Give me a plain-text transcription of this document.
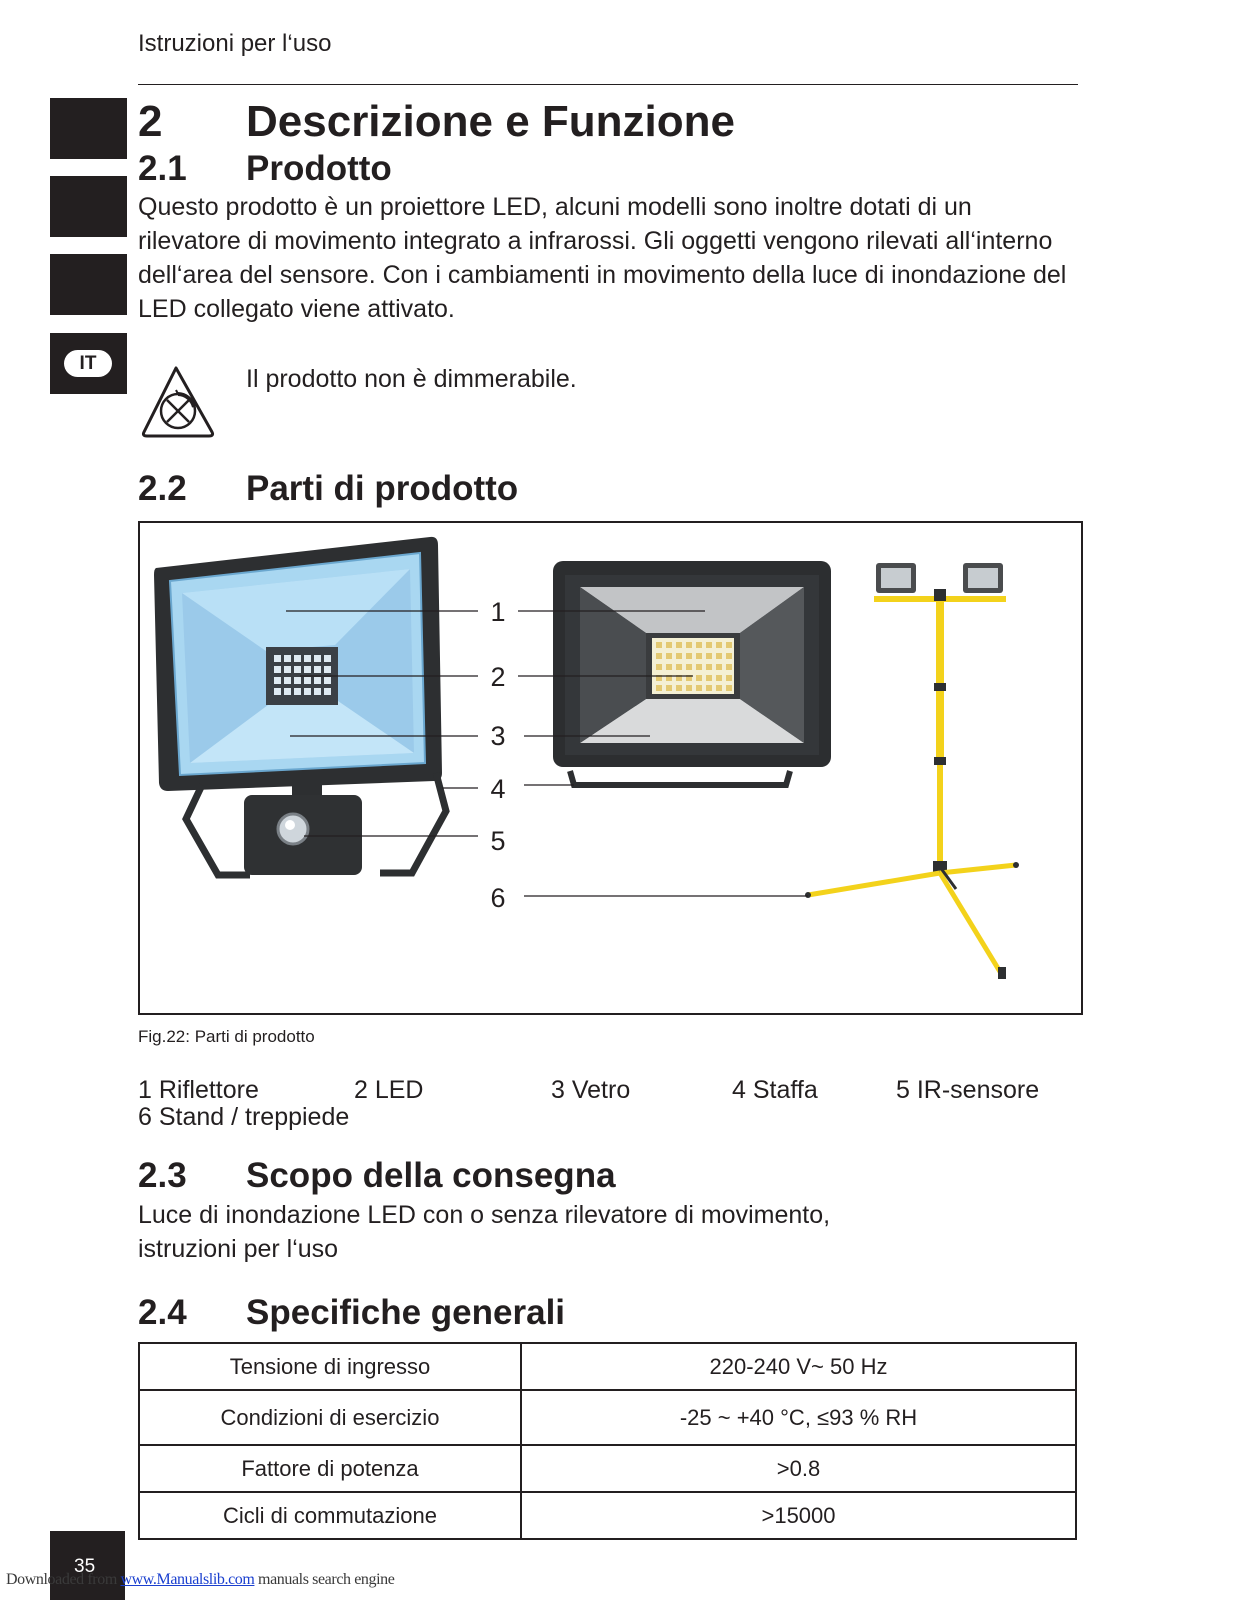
Istruzioni per l‘uso
IT
2 Descrizione e Funzione
2.1 Prodotto
Questo prodotto è un proiettore LED, alcuni modelli sono inoltre dotati di un rilevatore di movimento integrato a infrarossi. Gli oggetti vengono rilevati all‘interno dell‘area del sensore. Con i cambiamenti in movimento della luce di inondazione del LED collegato viene attivato.
Il prodotto non è dimmerabile.
2.2 Parti di prodotto
1
2
3
4
5
6
Fig.22: Parti di prodotto
1 Riflettore	2 LED	3 Vetro	4 Staffa	5 IR-sensore
6 Stand / treppiede
2.3 Scopo della consegna
Luce di inondazione LED con o senza rilevatore di movimento,
istruzioni per l‘uso
2.4 Specifiche generali
Tensione di ingresso	220-240 V~ 50 Hz
Condizioni di esercizio	-25 ~ +40 °C, ≤93 % RH
Fattore di potenza	>0.8
Cicli di commutazione	>15000
35
Downloaded from www.Manualslib.com manuals search engine
